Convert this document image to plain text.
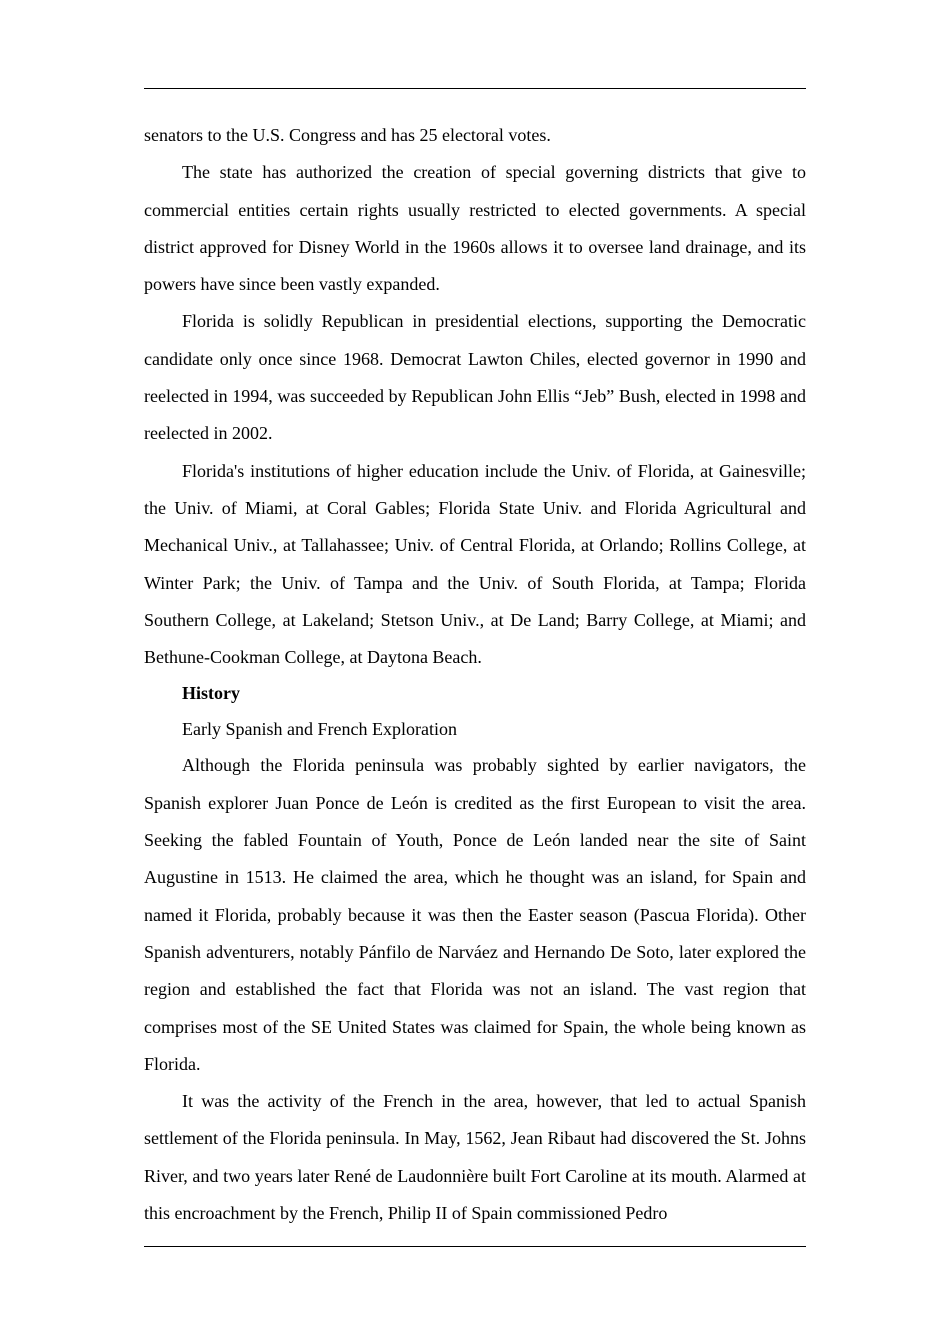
senators to the U.S. Congress and has 25 electoral votes.

The state has authorized the creation of special governing districts that give to commercial entities certain rights usually restricted to elected governments. A special district approved for Disney World in the 1960s allows it to oversee land drainage, and its powers have since been vastly expanded.

Florida is solidly Republican in presidential elections, supporting the Democratic candidate only once since 1968. Democrat Lawton Chiles, elected governor in 1990 and reelected in 1994, was succeeded by Republican John Ellis “Jeb” Bush, elected in 1998 and reelected in 2002.

Florida's institutions of higher education include the Univ. of Florida, at Gainesville; the Univ. of Miami, at Coral Gables; Florida State Univ. and Florida Agricultural and Mechanical Univ., at Tallahassee; Univ. of Central Florida, at Orlando; Rollins College, at Winter Park; the Univ. of Tampa and the Univ. of South Florida, at Tampa; Florida Southern College, at Lakeland; Stetson Univ., at De Land; Barry College, at Miami; and Bethune-Cookman College, at Daytona Beach.

History

Early Spanish and French Exploration

Although the Florida peninsula was probably sighted by earlier navigators, the Spanish explorer Juan Ponce de León is credited as the first European to visit the area. Seeking the fabled Fountain of Youth, Ponce de León landed near the site of Saint Augustine in 1513. He claimed the area, which he thought was an island, for Spain and named it Florida, probably because it was then the Easter season (Pascua Florida). Other Spanish adventurers, notably Pánfilo de Narváez and Hernando De Soto, later explored the region and established the fact that Florida was not an island. The vast region that comprises most of the SE United States was claimed for Spain, the whole being known as Florida.

It was the activity of the French in the area, however, that led to actual Spanish settlement of the Florida peninsula. In May, 1562, Jean Ribaut had discovered the St. Johns River, and two years later René de Laudonnière built Fort Caroline at its mouth. Alarmed at this encroachment by the French, Philip II of Spain commissioned Pedro
